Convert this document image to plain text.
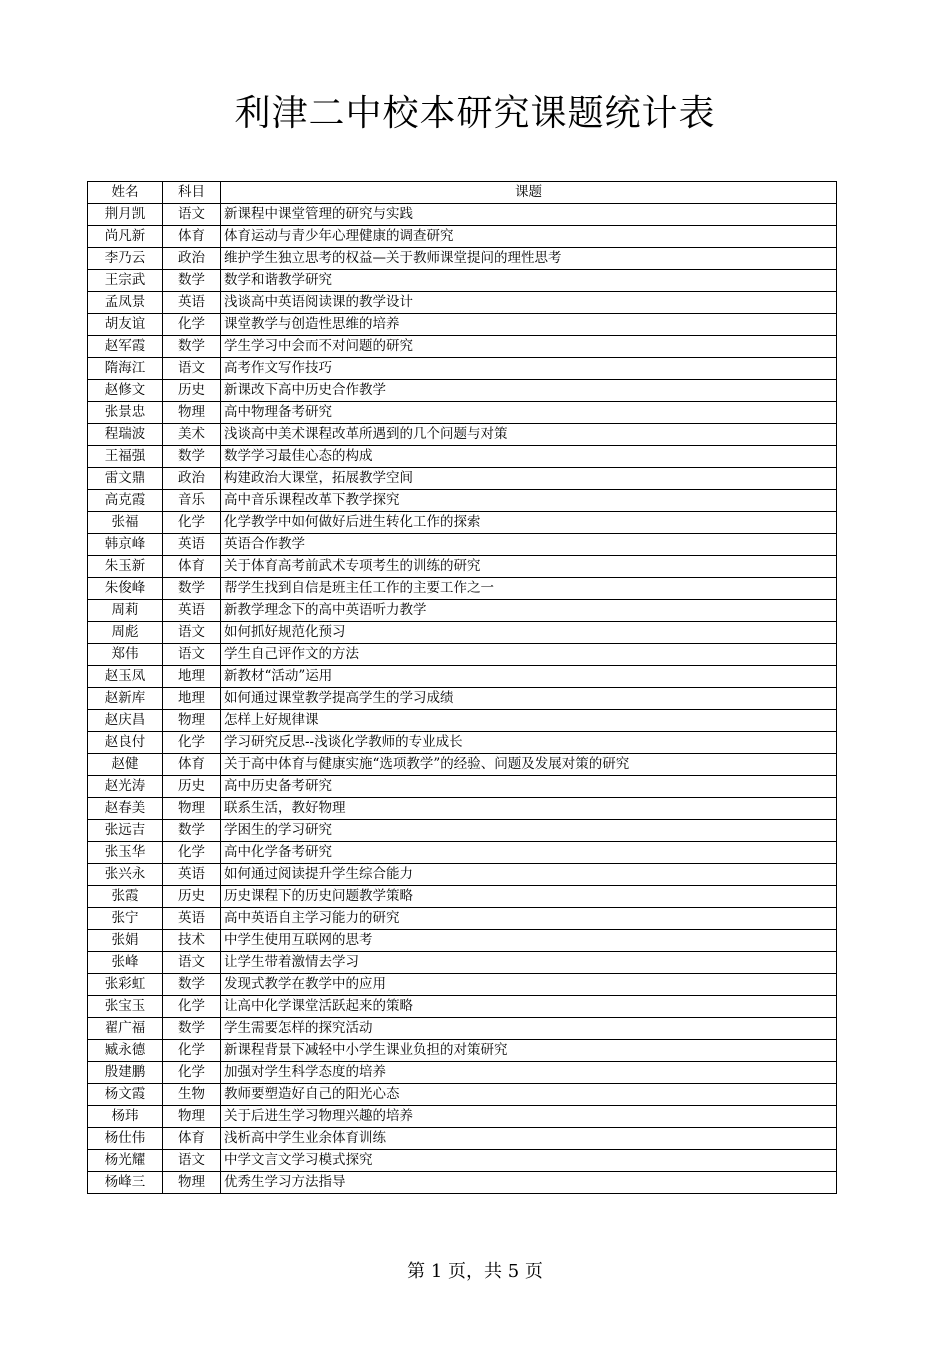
利津二中校本研究课题统计表
姓名	科目	课题
荆月凯	语文	新课程中课堂管理的研究与实践
尚凡新	体育	体育运动与青少年心理健康的调查研究
李乃云	政治	维护学生独立思考的权益—关于教师课堂提问的理性思考
王宗武	数学	数学和谐教学研究
孟凤景	英语	浅谈高中英语阅读课的教学设计
胡友谊	化学	课堂教学与创造性思维的培养
赵军霞	数学	学生学习中会而不对问题的研究
隋海江	语文	高考作文写作技巧
赵修文	历史	新课改下高中历史合作教学
张景忠	物理	高中物理备考研究
程瑞波	美术	浅谈高中美术课程改革所遇到的几个问题与对策
王福强	数学	数学学习最佳心态的构成
雷文鼎	政治	构建政治大课堂，拓展教学空间
高克霞	音乐	高中音乐课程改革下教学探究
张福	化学	化学教学中如何做好后进生转化工作的探索
韩京峰	英语	英语合作教学
朱玉新	体育	关于体育高考前武术专项考生的训练的研究
朱俊峰	数学	帮学生找到自信是班主任工作的主要工作之一
周莉	英语	新教学理念下的高中英语听力教学
周彪	语文	如何抓好规范化预习
郑伟	语文	学生自己评作文的方法
赵玉凤	地理	新教材“活动”运用
赵新库	地理	如何通过课堂教学提高学生的学习成绩
赵庆昌	物理	怎样上好规律课
赵良付	化学	学习研究反思--浅谈化学教师的专业成长
赵健	体育	关于高中体育与健康实施“选项教学”的经验、问题及发展对策的研究
赵光涛	历史	高中历史备考研究
赵春美	物理	联系生活，教好物理
张远吉	数学	学困生的学习研究
张玉华	化学	高中化学备考研究
张兴永	英语	如何通过阅读提升学生综合能力
张霞	历史	历史课程下的历史问题教学策略
张宁	英语	高中英语自主学习能力的研究
张娟	技术	中学生使用互联网的思考
张峰	语文	让学生带着激情去学习
张彩虹	数学	发现式教学在教学中的应用
张宝玉	化学	让高中化学课堂活跃起来的策略
翟广福	数学	学生需要怎样的探究活动
臧永德	化学	新课程背景下减轻中小学生课业负担的对策研究
殷建鹏	化学	加强对学生科学态度的培养
杨文霞	生物	教师要塑造好自己的阳光心态
杨玮	物理	关于后进生学习物理兴趣的培养
杨仕伟	体育	浅析高中学生业余体育训练
杨光耀	语文	中学文言文学习模式探究
杨峰三	物理	优秀生学习方法指导
第 1 页，共 5 页
